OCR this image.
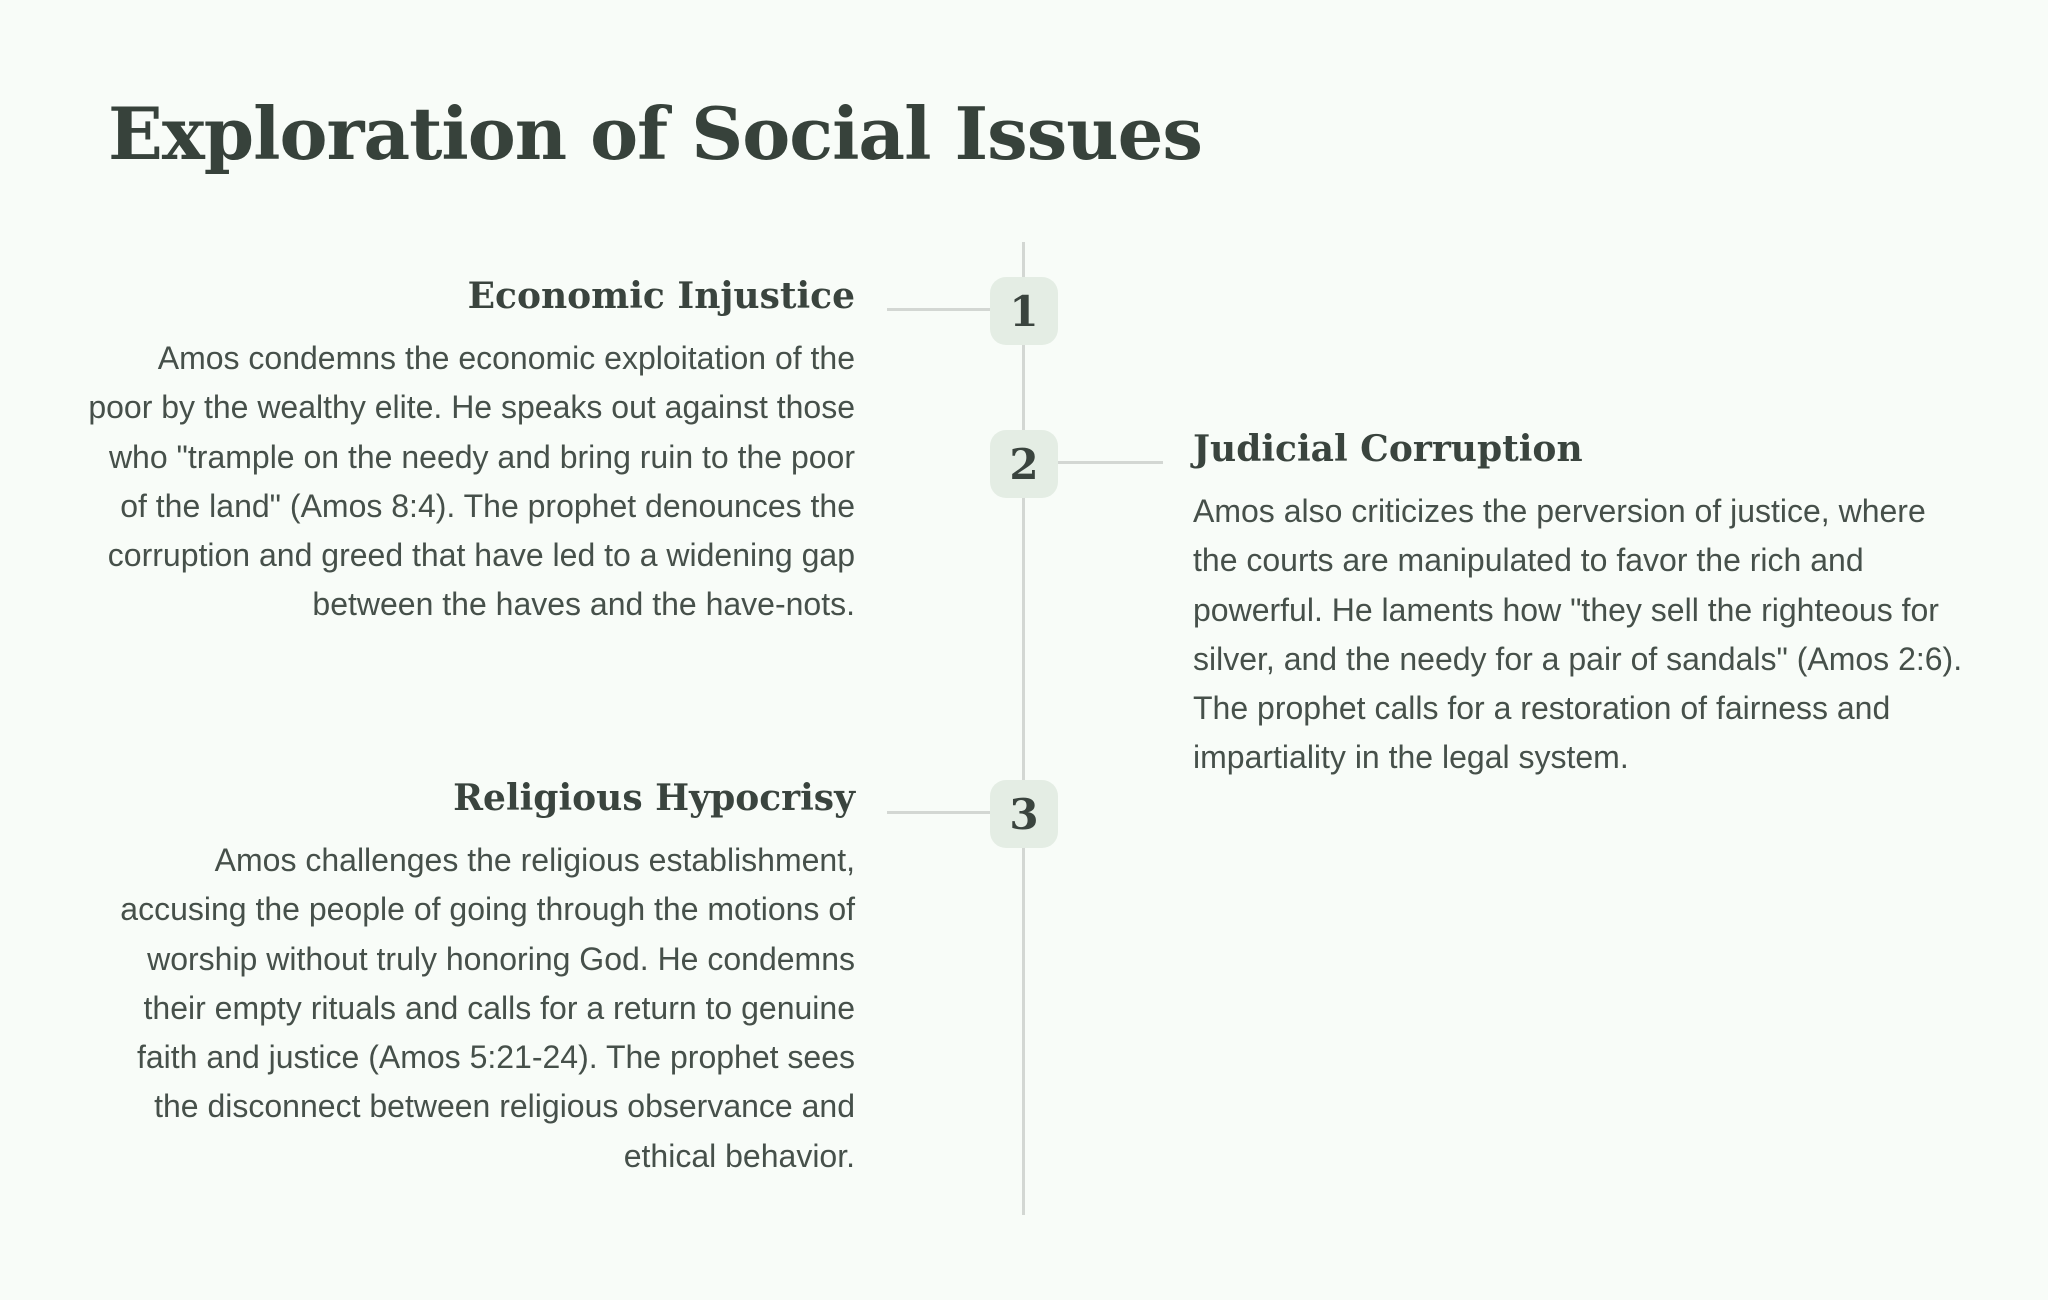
Exploration of Social Issues
1
Economic Injustice

Amos condemns the economic exploitation of the poor by the wealthy elite. He speaks out against those who "trample on the needy and bring ruin to the poor of the land" (Amos 8:4). The prophet denounces the corruption and greed that have led to a widening gap between the haves and the have-nots.

2	Judicial Corruption

Amos also criticizes the perversion of justice, where the courts are manipulated to favor the rich and powerful. He laments how "they sell the righteous for silver, and the needy for a pair of sandals" (Amos 2:6). The prophet calls for a restoration of fairness and impartiality in the legal system.

3
Religious Hypocrisy

Amos challenges the religious establishment, accusing the people of going through the motions of worship without truly honoring God. He condemns their empty rituals and calls for a return to genuine faith and justice (Amos 5:21-24). The prophet sees the disconnect between religious observance and ethical behavior.
